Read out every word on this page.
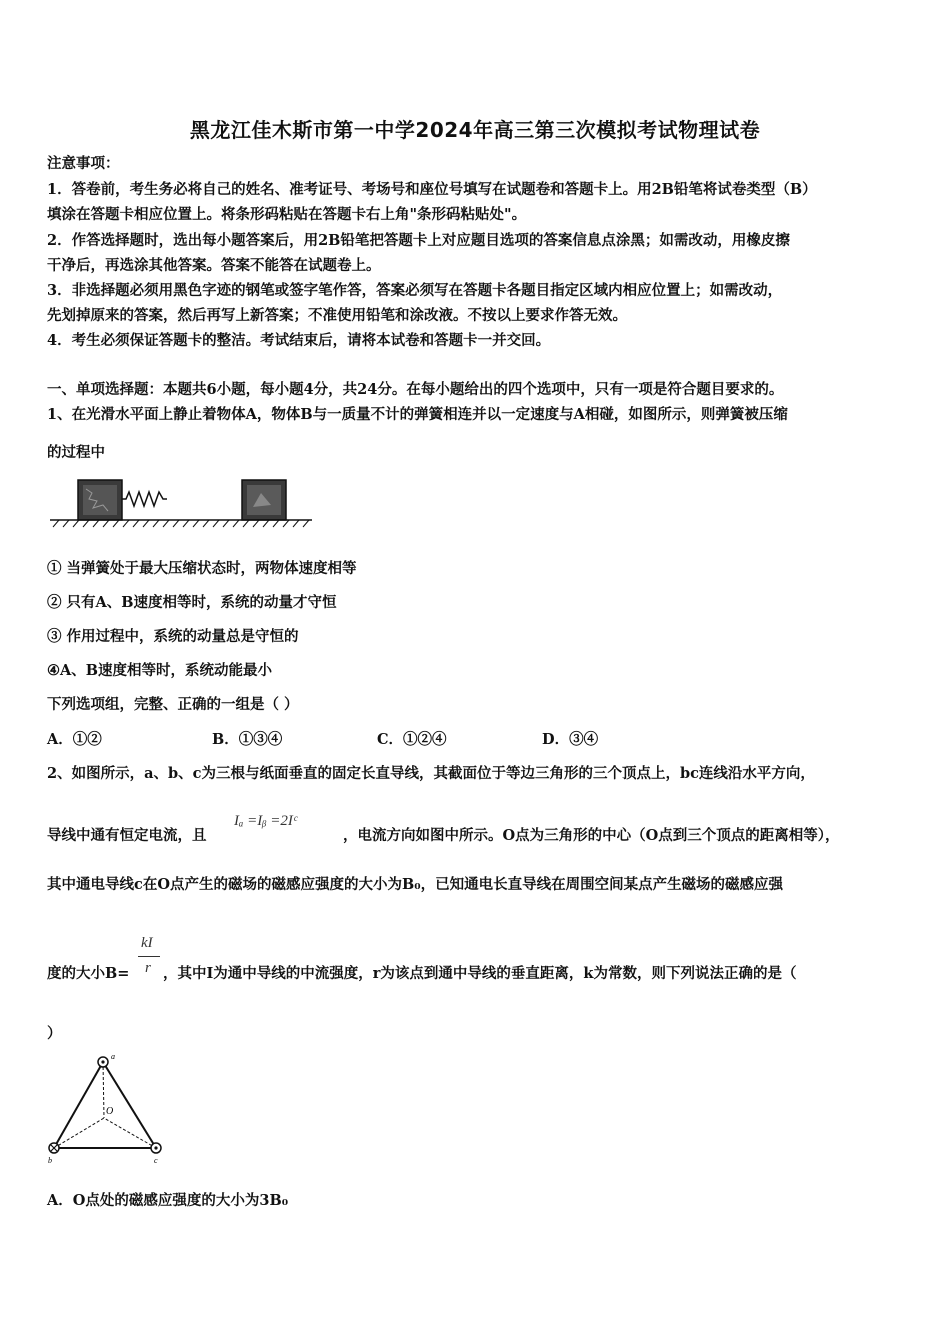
黑龙江佳木斯市第一中学2024年高三第三次模拟考试物理试卷
注意事项：
1．答卷前，考生务必将自己的姓名、准考证号、考场号和座位号填写在试题卷和答题卡上。用2B铅笔将试卷类型（B）
填涂在答题卡相应位置上。将条形码粘贴在答题卡右上角"条形码粘贴处"。
2．作答选择题时，选出每小题答案后，用2B铅笔把答题卡上对应题目选项的答案信息点涂黑；如需改动，用橡皮擦
干净后，再选涂其他答案。答案不能答在试题卷上。
3．非选择题必须用黑色字迹的钢笔或签字笔作答，答案必须写在答题卡各题目指定区域内相应位置上；如需改动，
先划掉原来的答案，然后再写上新答案；不准使用铅笔和涂改液。不按以上要求作答无效。
4．考生必须保证答题卡的整洁。考试结束后，请将本试卷和答题卡一并交回。
一、单项选择题：本题共6小题，每小题4分，共24分。在每小题给出的四个选项中，只有一项是符合题目要求的。
1、在光滑水平面上静止着物体A，物体B与一质量不计的弹簧相连并以一定速度与A相碰，如图所示，则弹簧被压缩
的过程中
① 当弹簧处于最大压缩状态时，两物体速度相等
② 只有A、B速度相等时，系统的动量才守恒
③ 作用过程中，系统的动量总是守恒的
④A、B速度相等时，系统动能最小
下列选项组，完整、正确的一组是（ ）
A．①②	B．①③④	C．①②④	D．③④
2、如图所示，a、b、c为三根与纸面垂直的固定长直导线，其截面位于等边三角形的三个顶点上，bc连线沿水平方向，
导线中通有恒定电流，且
Iₐ =Iᵦ =2Iᶜ
，电流方向如图中所示。O点为三角形的中心（O点到三个顶点的距离相等），
其中通电导线c在O点产生的磁场的磁感应强度的大小为B₀，已知通电长直导线在周围空间某点产生磁场的磁感应强
度的大小B=
kI
r ，其中I为通中导线的中流强度，r为该点到通中导线的垂直距离，k为常数，则下列说法正确的是（
）
a
b	c
O
A．O点处的磁感应强度的大小为3B₀
